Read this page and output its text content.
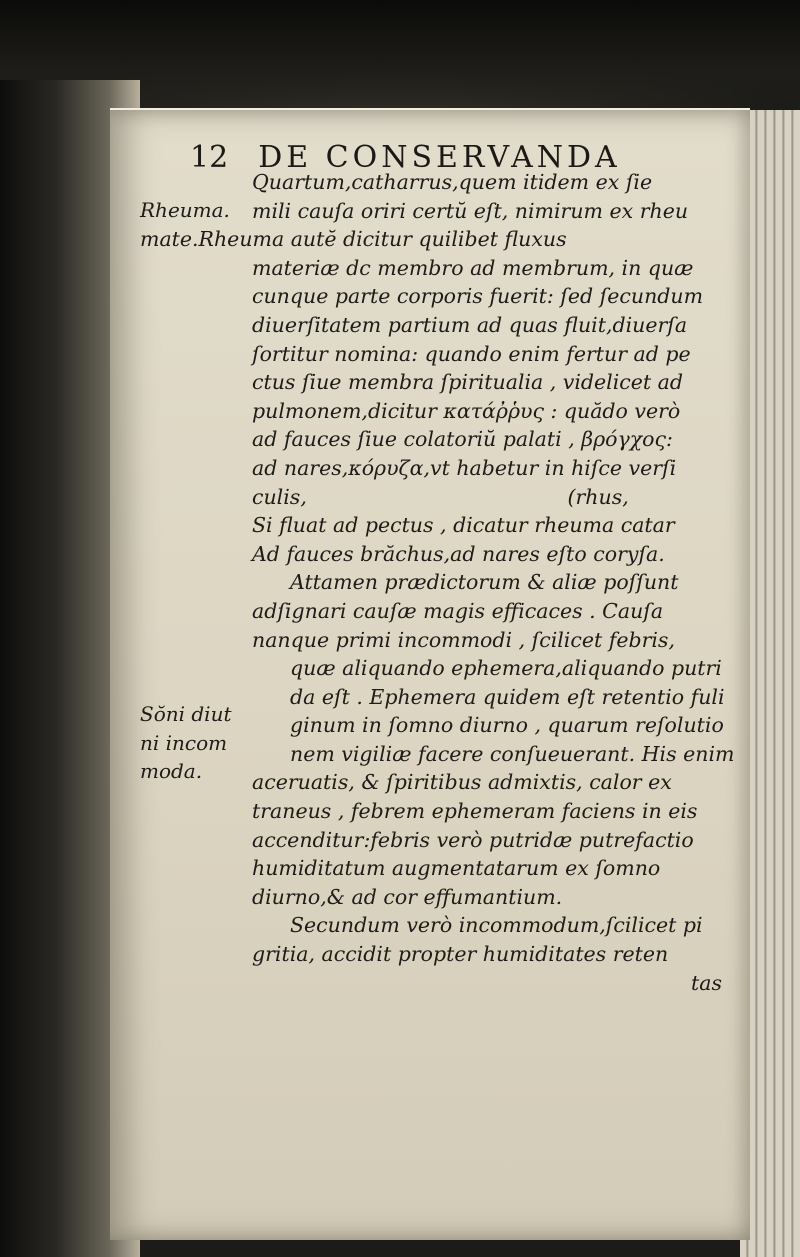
12 DE CONSERVANDA
Rheuma.
Sŏni diut
ni incom
moda.
Quartum,catharrus,quem itidem ex ſie
mili cauſa oriri certŭ eſt, nimirum ex rheu
mate.Rheuma autĕ dicitur quilibet fluxus
materiæ dc membro ad membrum, in quæ
cunque parte corporis fuerit: ſed ſecundum
diuerſitatem partium ad quas fluit,diuerſa
ſortitur nomina: quando enim fertur ad pe
ctus ſiue membra ſpiritualia , videlicet ad
pulmonem,dicitur κατάῤῥυς : quădo verò
ad fauces ſiue colatoriŭ palati , βρόγχος:
ad nares,κόρυζα,vt habetur in hiſce verſi
culis,                                        (rhus,
Si fluat ad pectus , dicatur rheuma catar
Ad fauces brăchus,ad nares eſto coryſa.
Attamen prædictorum & aliæ poſſunt
adſignari cauſæ magis efficaces . Cauſa
nanque primi incommodi , ſcilicet febris,
quæ aliquando ephemera,aliquando putri
da eſt . Ephemera quidem eſt retentio fuli
ginum in ſomno diurno , quarum reſolutio
nem vigiliæ facere conſueuerant. His enim
aceruatis, & ſpiritibus admixtis, calor ex
traneus , febrem ephemeram faciens in eis
accenditur:febris verò putridæ putrefactio
humiditatum augmentatarum ex ſomno
diurno,& ad cor effumantium.
Secundum verò incommodum,ſcilicet pi
gritia, accidit propter humiditates reten
tas
